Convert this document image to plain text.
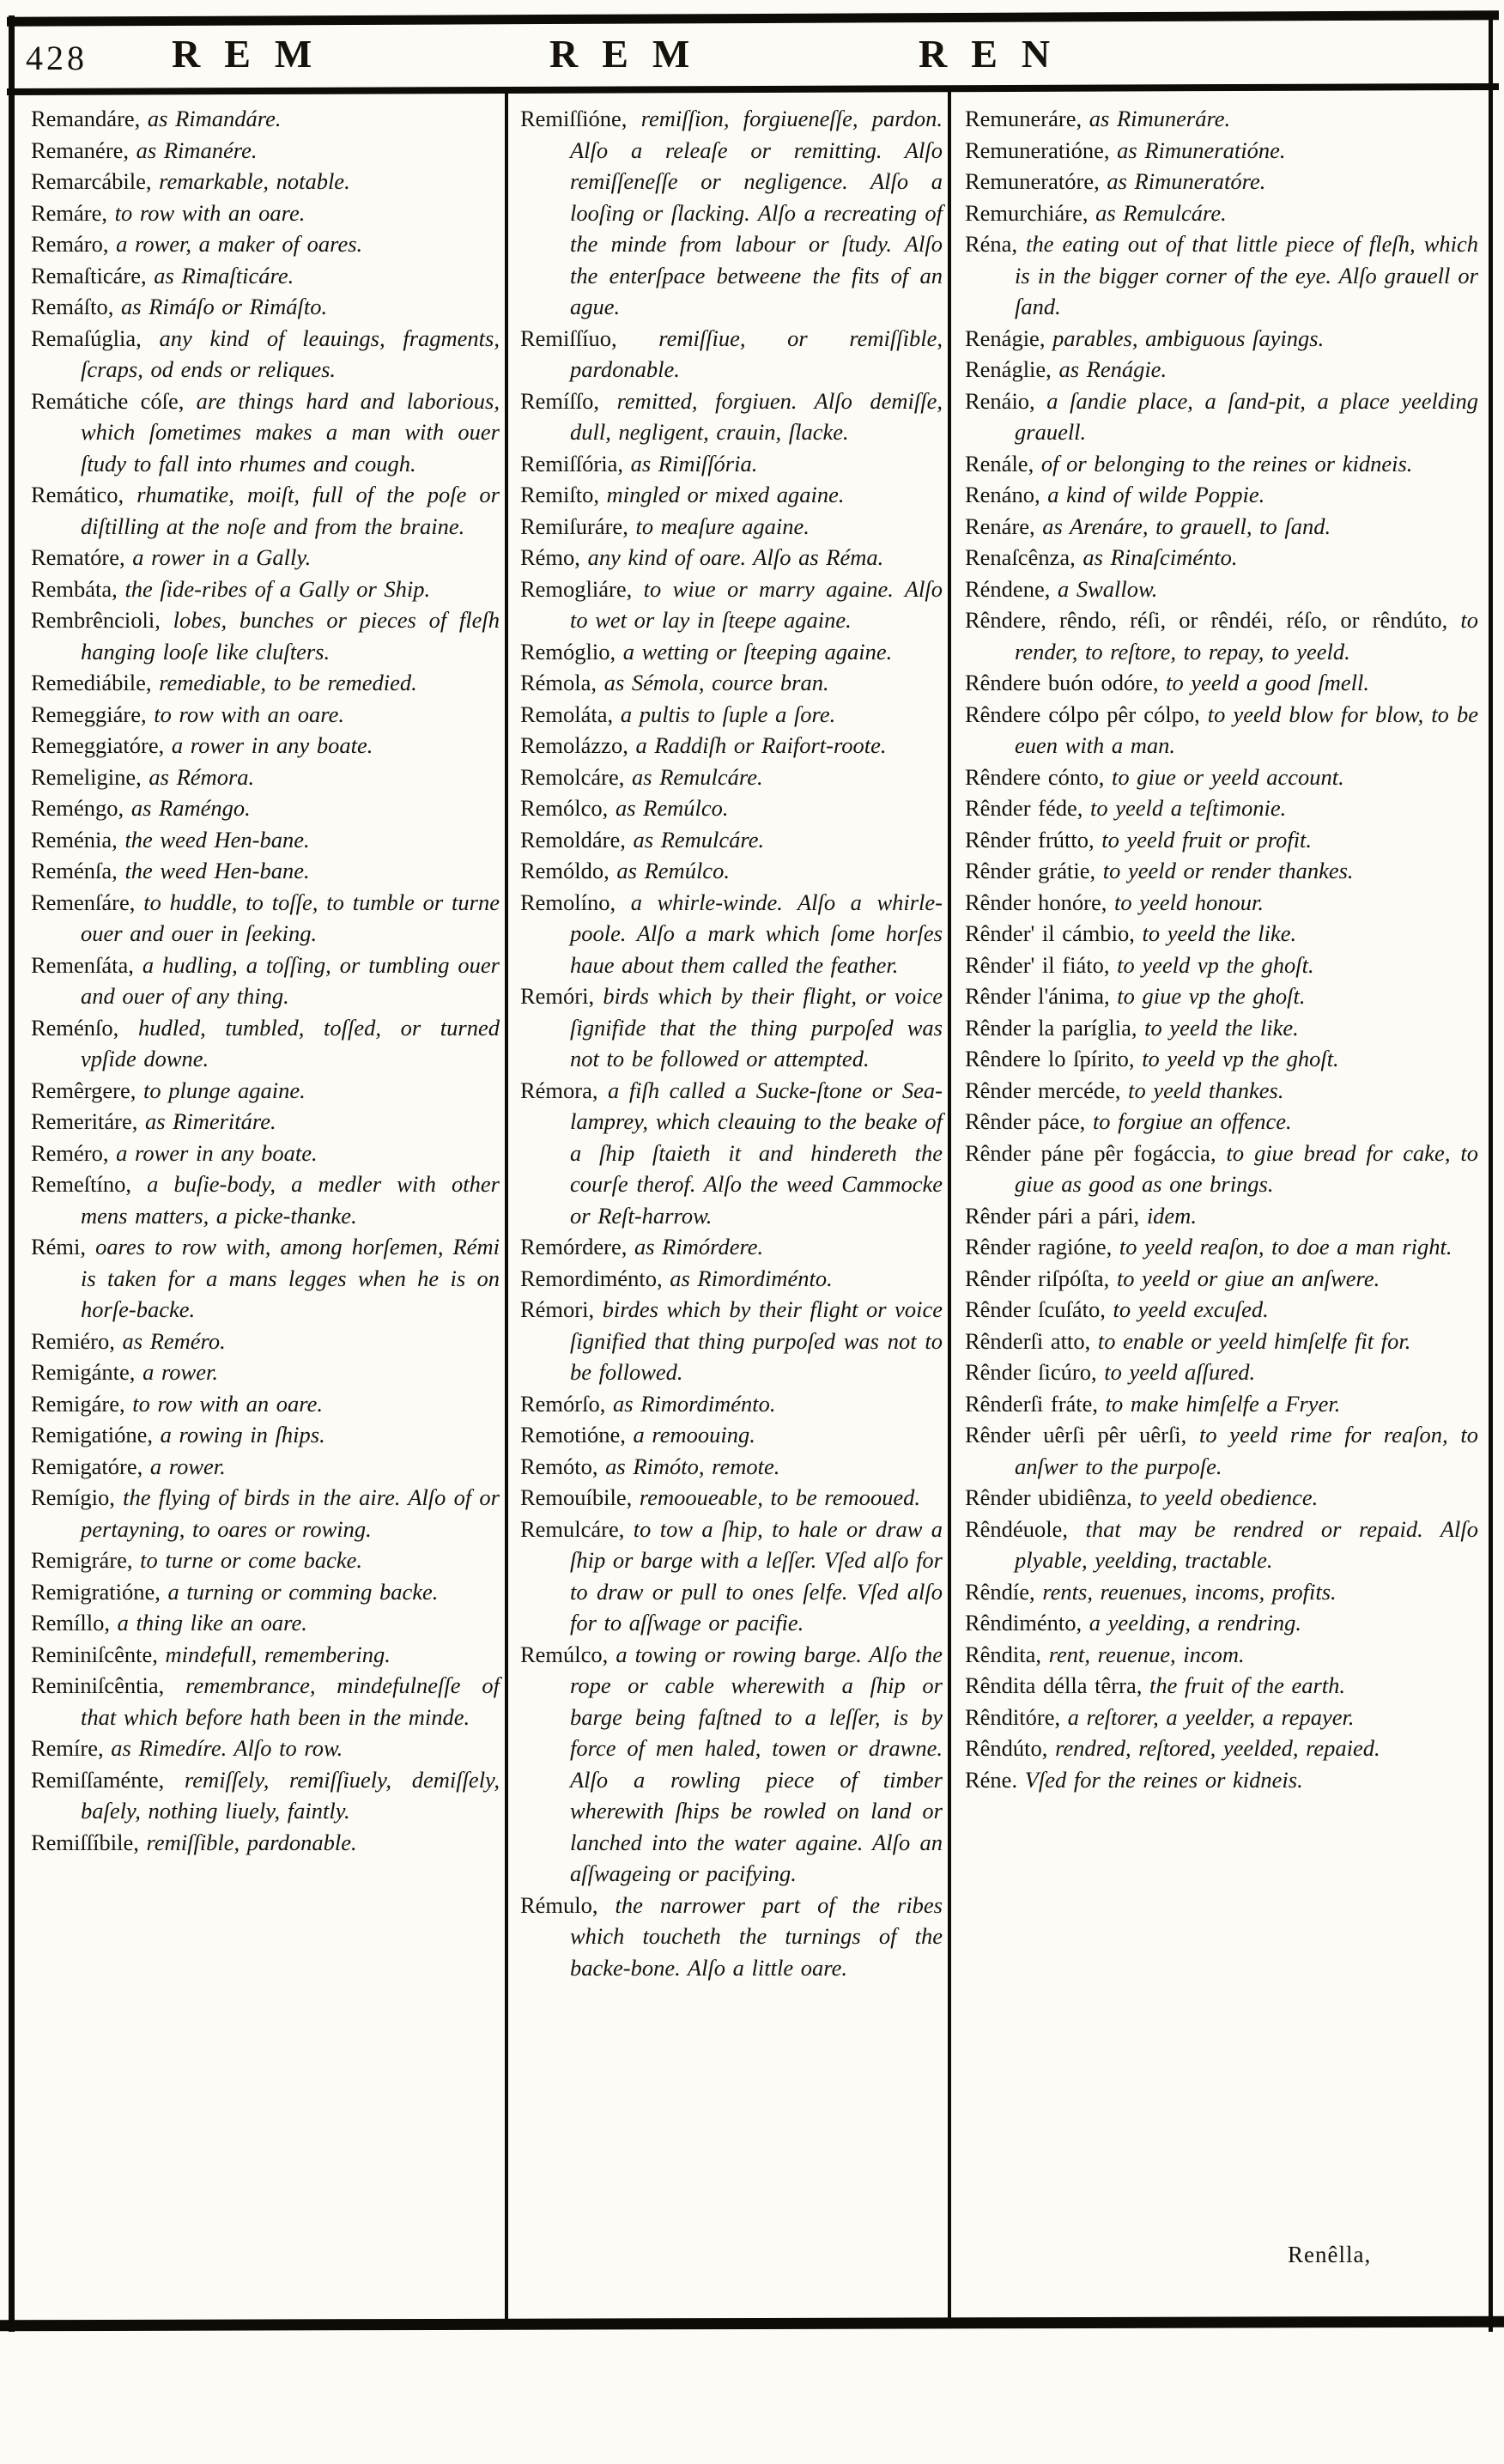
428 REM	REM	REN

Remandáre, as Rimandáre.

Remanére, as Rimanére.

Remarcábile, remarkable, notable.

Remáre, to row with an oare.

Remáro, a rower, a maker of oares.

Remaſticáre, as Rimaſticáre.

Remáſto, as Rimáſo or Rimáſto.

Remaſúglia, any kind of leauings, fragments, ſcraps, od ends or reliques.

Remátiche cóſe, are things hard and laborious, which ſometimes makes a man with ouer ſtudy to fall into rhumes and cough.

Remático, rhumatike, moiſt, full of the poſe or diſtilling at the noſe and from the braine.

Rematóre, a rower in a Gally.

Rembáta, the ſide-ribes of a Gally or Ship.

Rembrêncioli, lobes, bunches or pieces of fleſh hanging looſe like cluſters.

Remediábile, remediable, to be remedied.

Remeggiáre, to row with an oare.

Remeggiatóre, a rower in any boate.

Remeligine, as Rémora.

Reméngo, as Raméngo.

Reménia, the weed Hen-bane.

Reménſa, the weed Hen-bane.

Remenſáre, to huddle, to toſſe, to tumble or turne ouer and ouer in ſeeking.

Remenſáta, a hudling, a toſſing, or tumbling ouer and ouer of any thing.

Reménſo, hudled, tumbled, toſſed, or turned vpſide downe.

Remêrgere, to plunge againe.

Remeritáre, as Rimeritáre.

Reméro, a rower in any boate.

Remeſtíno, a buſie-body, a medler with other mens matters, a picke-thanke.

Rémi, oares to row with, among horſemen, Rémi is taken for a mans legges when he is on horſe-backe.

Remiéro, as Reméro.

Remigánte, a rower.

Remigáre, to row with an oare.

Remigatióne, a rowing in ſhips.

Remigatóre, a rower.

Remígio, the flying of birds in the aire. Alſo of or pertayning, to oares or rowing.

Remigráre, to turne or come backe.

Remigratióne, a turning or comming backe.

Remíllo, a thing like an oare.

Reminiſcênte, mindefull, remembering.

Reminiſcêntia, remembrance, mindefulneſſe of that which before hath been in the minde.

Remíre, as Rimedíre. Alſo to row.

Remiſſaménte, remiſſely, remiſſiuely, demiſſely, baſely, nothing liuely, faintly.

Remiſſíbile, remiſſible, pardonable.

Remiſſióne, remiſſion, forgiueneſſe, pardon. Alſo a releaſe or remitting. Alſo remiſſeneſſe or negligence. Alſo a looſing or ſlacking. Alſo a recreating of the minde from labour or ſtudy. Alſo the enterſpace betweene the fits of an ague.

Remiſſíuo, remiſſiue, or remiſſible, pardonable.

Remíſſo, remitted, forgiuen. Alſo demiſſe, dull, negligent, crauin, ſlacke.

Remiſſória, as Rimiſſória.

Remiſto, mingled or mixed againe.

Remiſuráre, to meaſure againe.

Rémo, any kind of oare. Alſo as Réma.

Remogliáre, to wiue or marry againe. Alſo to wet or lay in ſteepe againe.

Remóglio, a wetting or ſteeping againe.

Rémola, as Sémola, cource bran.

Remoláta, a pultis to ſuple a ſore.

Remolázzo, a Raddiſh or Raifort-roote.

Remolcáre, as Remulcáre.

Remólco, as Remúlco.

Remoldáre, as Remulcáre.

Remóldo, as Remúlco.

Remolíno, a whirle-winde. Alſo a whirle-poole. Alſo a mark which ſome horſes haue about them called the feather.

Remóri, birds which by their flight, or voice ſignifide that the thing purpoſed was not to be followed or attempted.

Rémora, a fiſh called a Sucke-ſtone or Sea-lamprey, which cleauing to the beake of a ſhip ſtaieth it and hindereth the courſe therof. Alſo the weed Cammocke or Reſt-harrow.

Remórdere, as Rimórdere.

Remordiménto, as Rimordiménto.

Rémori, birdes which by their flight or voice ſignified that thing purpoſed was not to be followed.

Remórſo, as Rimordiménto.

Remotióne, a remoouing.

Remóto, as Rimóto, remote.

Remouíbile, remooueable, to be remooued.

Remulcáre, to tow a ſhip, to hale or draw a ſhip or barge with a leſſer. Vſed alſo for to draw or pull to ones ſelfe. Vſed alſo for to aſſwage or pacifie.

Remúlco, a towing or rowing barge. Alſo the rope or cable wherewith a ſhip or barge being faſtned to a leſſer, is by force of men haled, towen or drawne. Alſo a rowling piece of timber wherewith ſhips be rowled on land or lanched into the water againe. Alſo an aſſwageing or pacifying.

Rémulo, the narrower part of the ribes which toucheth the turnings of the backe-bone. Alſo a little oare.

Remuneráre, as Rimuneráre.

Remuneratióne, as Rimuneratióne.

Remuneratóre, as Rimuneratóre.

Remurchiáre, as Remulcáre.

Réna, the eating out of that little piece of fleſh, which is in the bigger corner of the eye. Alſo grauell or ſand.

Renágie, parables, ambiguous ſayings.

Renáglie, as Renágie.

Renáio, a ſandie place, a ſand-pit, a place yeelding grauell.

Renále, of or belonging to the reines or kidneis.

Renáno, a kind of wilde Poppie.

Renáre, as Arenáre, to grauell, to ſand.

Renaſcênza, as Rinaſciménto.

Réndene, a Swallow.

Rêndere, rêndo, réſi, or rêndéi, réſo, or rêndúto, to render, to reſtore, to repay, to yeeld.

Rêndere buón odóre, to yeeld a good ſmell.

Rêndere cólpo pêr cólpo, to yeeld blow for blow, to be euen with a man.

Rêndere cónto, to giue or yeeld account.

Rênder féde, to yeeld a teſtimonie.

Rênder frútto, to yeeld fruit or profit.

Rênder grátie, to yeeld or render thankes.

Rênder honóre, to yeeld honour.

Rênder' il cámbio, to yeeld the like.

Rênder' il fiáto, to yeeld vp the ghoſt.

Rênder l'ánima, to giue vp the ghoſt.

Rênder la paríglia, to yeeld the like.

Rêndere lo ſpírito, to yeeld vp the ghoſt.

Rênder mercéde, to yeeld thankes.

Rênder páce, to forgiue an offence.

Rênder páne pêr fogáccia, to giue bread for cake, to giue as good as one brings.

Rênder pári a pári, idem.

Rênder ragióne, to yeeld reaſon, to doe a man right.

Rênder riſpóſta, to yeeld or giue an anſwere.

Rênder ſcuſáto, to yeeld excuſed.

Rênderſi atto, to enable or yeeld himſelfe fit for.

Rênder ſicúro, to yeeld aſſured.

Rênderſi fráte, to make himſelfe a Fryer.

Rênder uêrſi pêr uêrſi, to yeeld rime for reaſon, to anſwer to the purpoſe.

Rênder ubidiênza, to yeeld obedience.

Rêndéuole, that may be rendred or repaid. Alſo plyable, yeelding, tractable.

Rêndíe, rents, reuenues, incoms, profits.

Rêndiménto, a yeelding, a rendring.

Rêndita, rent, reuenue, incom.

Rêndita délla têrra, the fruit of the earth.

Rênditóre, a reſtorer, a yeelder, a repayer.

Rêndúto, rendred, reſtored, yeelded, repaied.

Réne. Vſed for the reines or kidneis.

Renêlla,
